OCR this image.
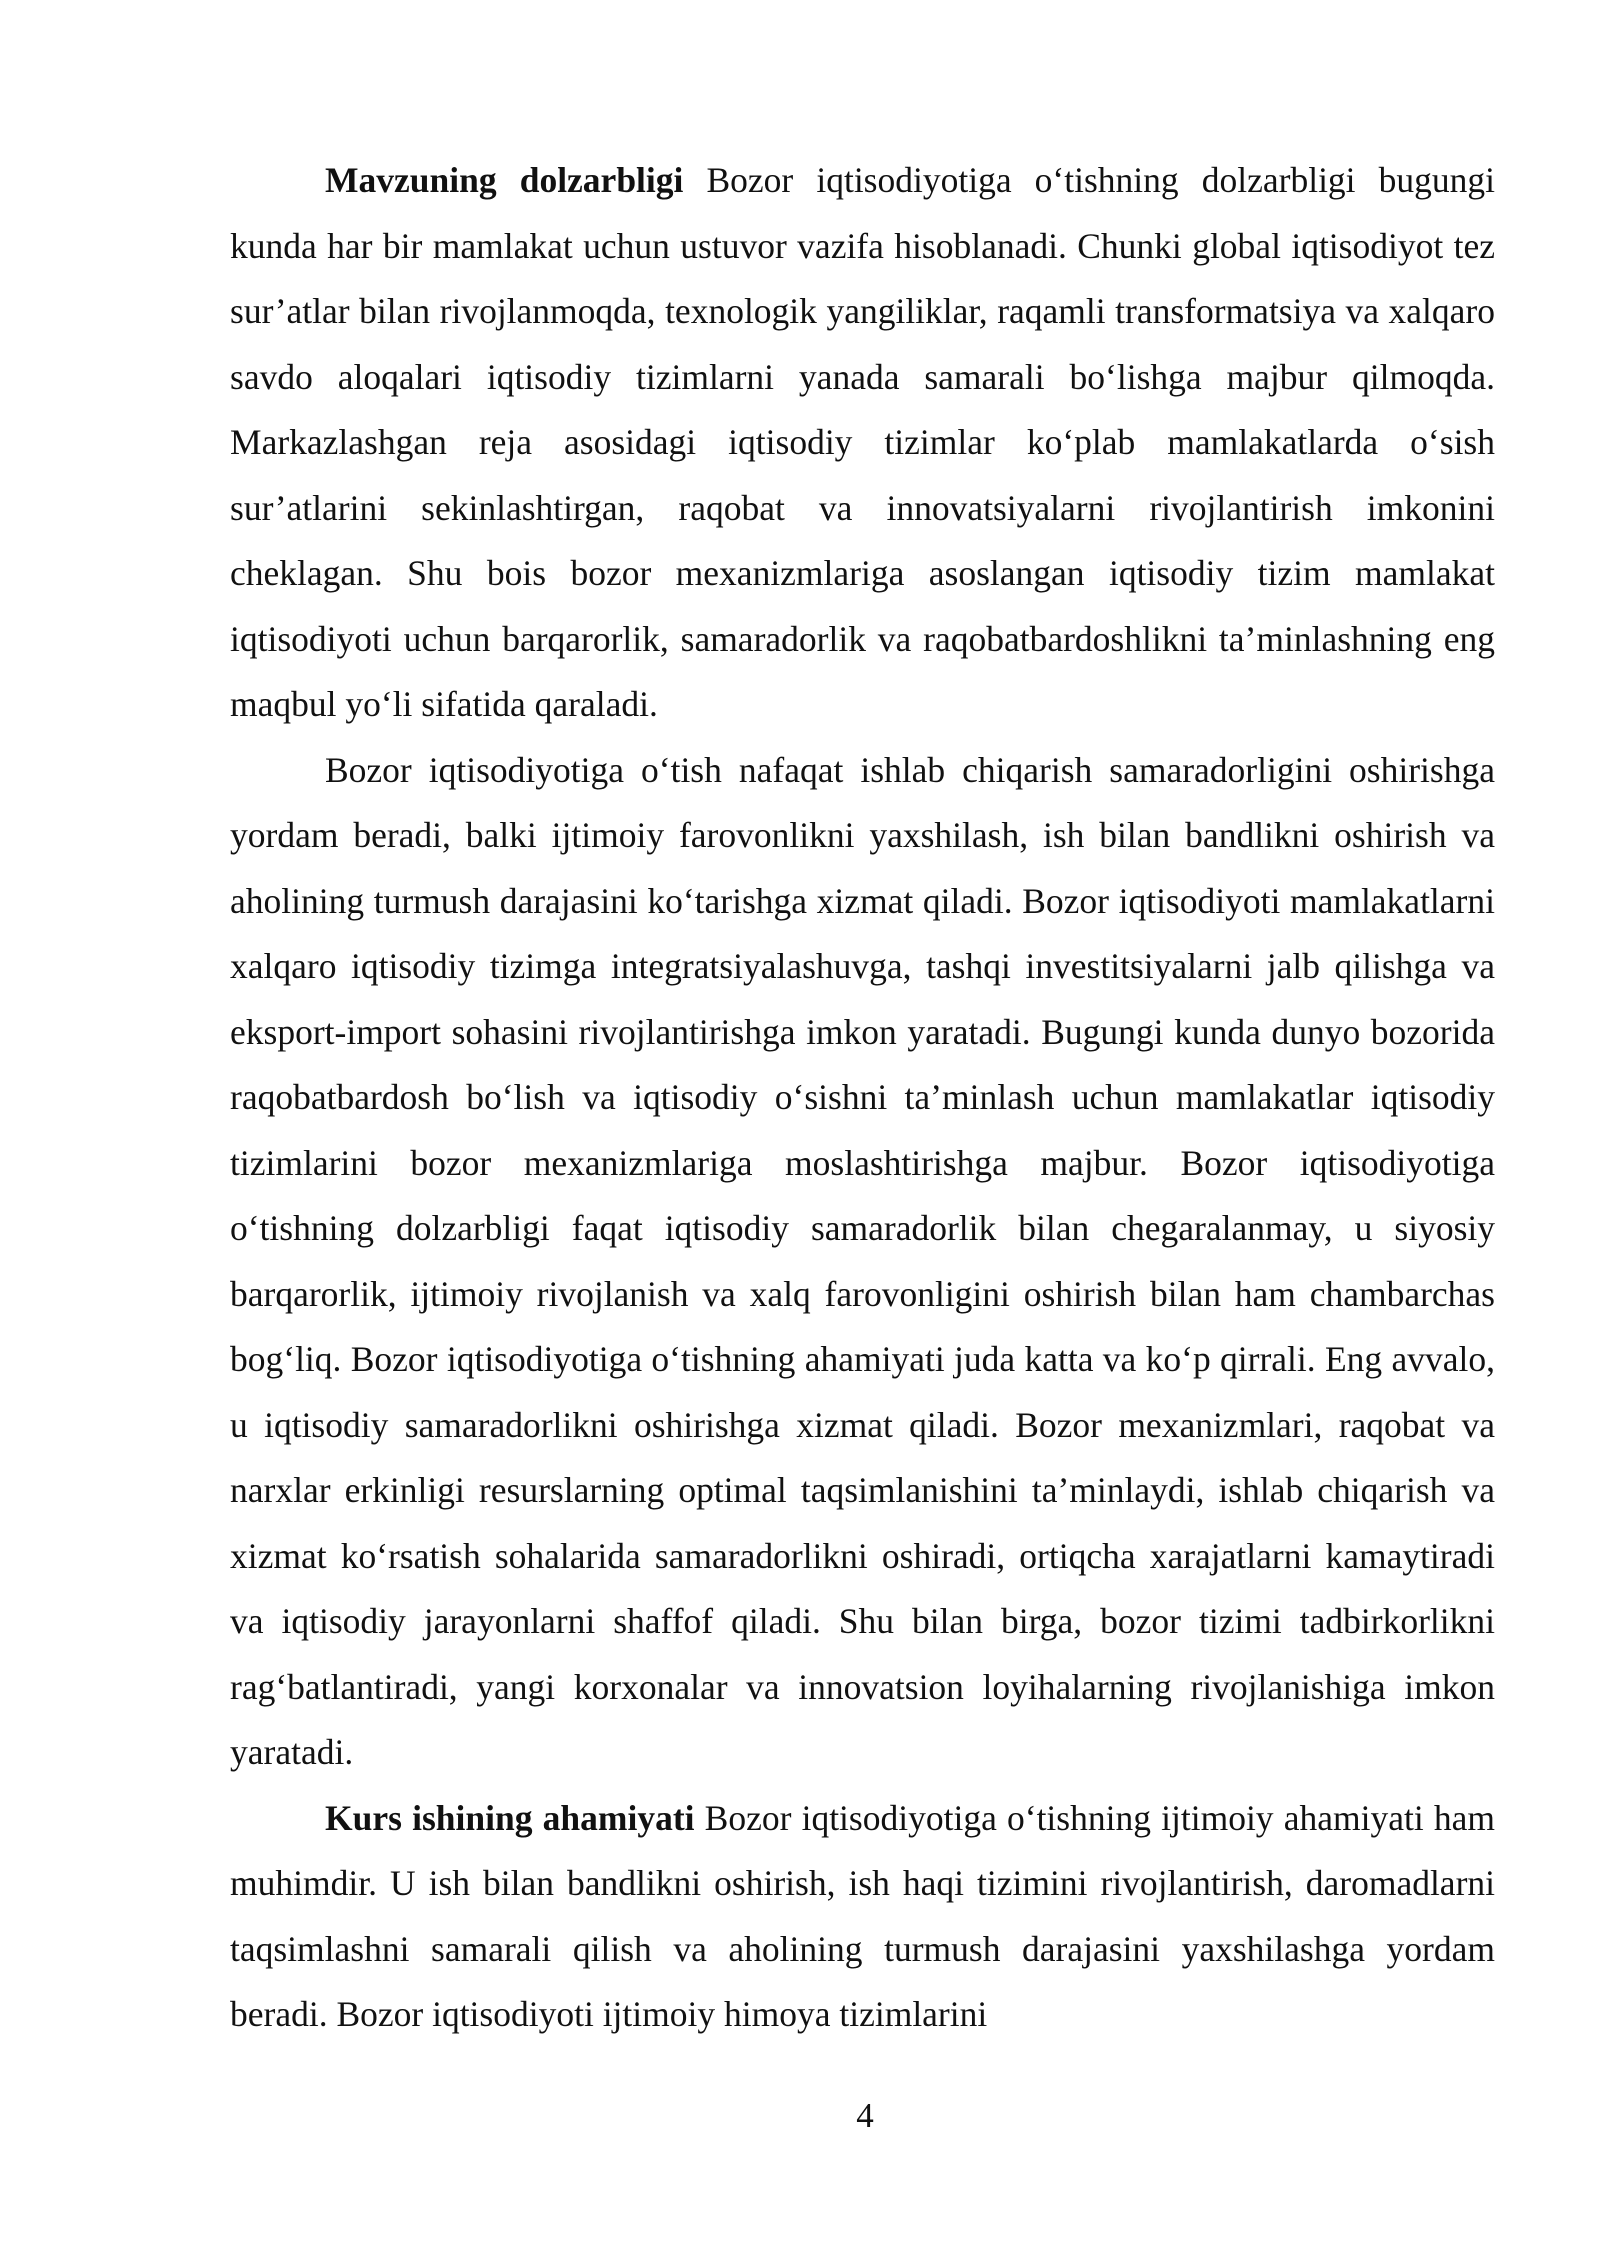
Mavzuning dolzarbligi Bozor iqtisodiyotiga o‘tishning dolzarbligi bugungi kunda har bir mamlakat uchun ustuvor vazifa hisoblanadi. Chunki global iqtisodiyot tez sur’atlar bilan rivojlanmoqda, texnologik yangiliklar, raqamli transformatsiya va xalqaro savdo aloqalari iqtisodiy tizimlarni yanada samarali bo‘lishga majbur qilmoqda. Markazlashgan reja asosidagi iqtisodiy tizimlar ko‘plab mamlakatlarda o‘sish sur’atlarini sekinlashtirgan, raqobat va innovatsiyalarni rivojlantirish imkonini cheklagan. Shu bois bozor mexanizmlariga asoslangan iqtisodiy tizim mamlakat iqtisodiyoti uchun barqarorlik, samaradorlik va raqobatbardoshlikni ta’minlashning eng maqbul yo‘li sifatida qaraladi.

Bozor iqtisodiyotiga o‘tish nafaqat ishlab chiqarish samaradorligini oshirishga yordam beradi, balki ijtimoiy farovonlikni yaxshilash, ish bilan bandlikni oshirish va aholining turmush darajasini ko‘tarishga xizmat qiladi. Bozor iqtisodiyoti mamlakatlarni xalqaro iqtisodiy tizimga integratsiyalashuvga, tashqi investitsiyalarni jalb qilishga va eksport-import sohasini rivojlantirishga imkon yaratadi. Bugungi kunda dunyo bozorida raqobatbardosh bo‘lish va iqtisodiy o‘sishni ta’minlash uchun mamlakatlar iqtisodiy tizimlarini bozor mexanizmlariga moslashtirishga majbur. Bozor iqtisodiyotiga o‘tishning dolzarbligi faqat iqtisodiy samaradorlik bilan chegaralanmay, u siyosiy barqarorlik, ijtimoiy rivojlanish va xalq farovonligini oshirish bilan ham chambarchas bog‘liq. Bozor iqtisodiyotiga o‘tishning ahamiyati juda katta va ko‘p qirrali. Eng avvalo, u iqtisodiy samaradorlikni oshirishga xizmat qiladi. Bozor mexanizmlari, raqobat va narxlar erkinligi resurslarning optimal taqsimlanishini ta’minlaydi, ishlab chiqarish va xizmat ko‘rsatish sohalarida samaradorlikni oshiradi, ortiqcha xarajatlarni kamaytiradi va iqtisodiy jarayonlarni shaffof qiladi. Shu bilan birga, bozor tizimi tadbirkorlikni rag‘batlantiradi, yangi korxonalar va innovatsion loyihalarning rivojlanishiga imkon yaratadi.

Kurs ishining ahamiyati Bozor iqtisodiyotiga o‘tishning ijtimoiy ahamiyati ham muhimdir. U ish bilan bandlikni oshirish, ish haqi tizimini rivojlantirish, daromadlarni taqsimlashni samarali qilish va aholining turmush darajasini yaxshilashga yordam beradi. Bozor iqtisodiyoti ijtimoiy himoya tizimlarini

4
